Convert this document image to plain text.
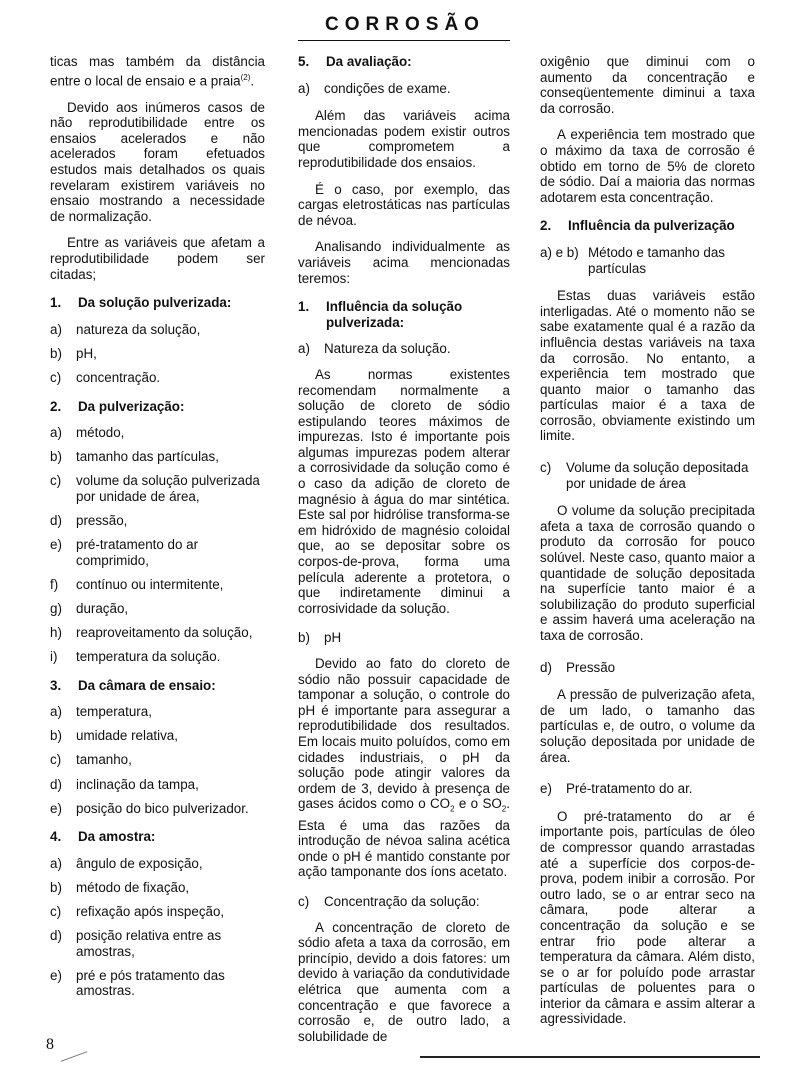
CORROSÃO

ticas mas também da distância entre o local de ensaio e a praia$^{(2)}$.

Devido aos inúmeros casos de não reprodutibilidade entre os ensaios acelerados e não acelerados foram efetuados estudos mais detalhados os quais revelaram existirem variáveis no ensaio mostrando a necessidade de normalização.

Entre as variáveis que afetam a reprodutibilidade podem ser citadas;

1. Da solução pulverizada:
a)	natureza da solução,
b)	pH,
c)	concentração.
2. Da pulverização:
a)	método,
b)	tamanho das partículas,
c)	volume da solução pulverizada por unidade de área,
d)	pressão,
e)	pré-tratamento do ar comprimido,
f)	contínuo ou intermitente,
g)	duração,
h)	reaproveitamento da solução,
i)	temperatura da solução.
3. Da câmara de ensaio:
a)	temperatura,
b)	umidade relativa,
c)	tamanho,
d)	inclinação da tampa,
e)	posição do bico pulverizador.
4. Da amostra:
a)	ângulo de exposição,
b)	método de fixação,
c)	refixação após inspeção,
d)	posição relativa entre as amostras,
e)	pré e pós tratamento das amostras.
5. Da avaliação:
a)	condições de exame.

Além das variáveis acima mencionadas podem existir outros que comprometem a reprodutibilidade dos ensaios.

É o caso, por exemplo, das cargas eletrostáticas nas partículas de névoa.

Analisando individualmente as variáveis acima mencionadas teremos:

1.	Influência da solução pulverizada:
a)	Natureza da solução.

As normas existentes recomendam normalmente a solução de cloreto de sódio estipulando teores máximos de impurezas. Isto é importante pois algumas impurezas podem alterar a corrosividade da solução como é o caso da adição de cloreto de magnésio à água do mar sintética. Este sal por hidrólise transforma-se em hidróxido de magnésio coloidal que, ao se depositar sobre os corpos-de-prova, forma uma película aderente a protetora, o que indiretamente diminui a corrosividade da solução.

b)	pH

Devido ao fato do cloreto de sódio não possuir capacidade de tamponar a solução, o controle do pH é importante para assegurar a reprodutibilidade dos resultados. Em locais muito poluídos, como em cidades industriais, o pH da solução pode atingir valores da ordem de 3, devido à presença de gases ácidos como o $CO_2$ e o $SO_2$. Esta é uma das razões da introdução de névoa salina acética onde o pH é mantido constante por ação tamponante dos íons acetato.

c)	Concentração da solução:

A concentração de cloreto de sódio afeta a taxa da corrosão, em princípio, devido a dois fatores: um devido à variação da condutividade elétrica que aumenta com a concentração e que favorece a corrosão e, de outro lado, a solubilidade de

oxigênio que diminui com o aumento da concentração e conseqüentemente diminui a taxa da corrosão.

A experiência tem mostrado que o máximo da taxa de corrosão é obtido em torno de 5% de cloreto de sódio. Daí a maioria das normas adotarem esta concentração.

2. Influência da pulverização
a) e b) Método e tamanho das partículas

Estas duas variáveis estão interligadas. Até o momento não se sabe exatamente qual é a razão da influência destas variáveis na taxa da corrosão. No entanto, a experiência tem mostrado que quanto maior o tamanho das partículas maior é a taxa de corrosão, obviamente existindo um limite.

c)	Volume da solução depositada por unidade de área

O volume da solução precipitada afeta a taxa de corrosão quando o produto da corrosão for pouco solúvel. Neste caso, quanto maior a quantidade de solução depositada na superfície tanto maior é a solubilização do produto superficial e assim haverá uma aceleração na taxa de corrosão.

d)	Pressão

A pressão de pulverização afeta, de um lado, o tamanho das partículas e, de outro, o volume da solução depositada por unidade de área.

e)	Pré-tratamento do ar.

O pré-tratamento do ar é importante pois, partículas de óleo de compressor quando arrastadas até a superfície dos corpos-de-prova, podem inibir a corrosão. Por outro lado, se o ar entrar seco na câmara, pode alterar a concentração da solução e se entrar frio pode alterar a temperatura da câmara. Além disto, se o ar for poluído pode arrastar partículas de poluentes para o interior da câmara e assim alterar a agressividade.

8
